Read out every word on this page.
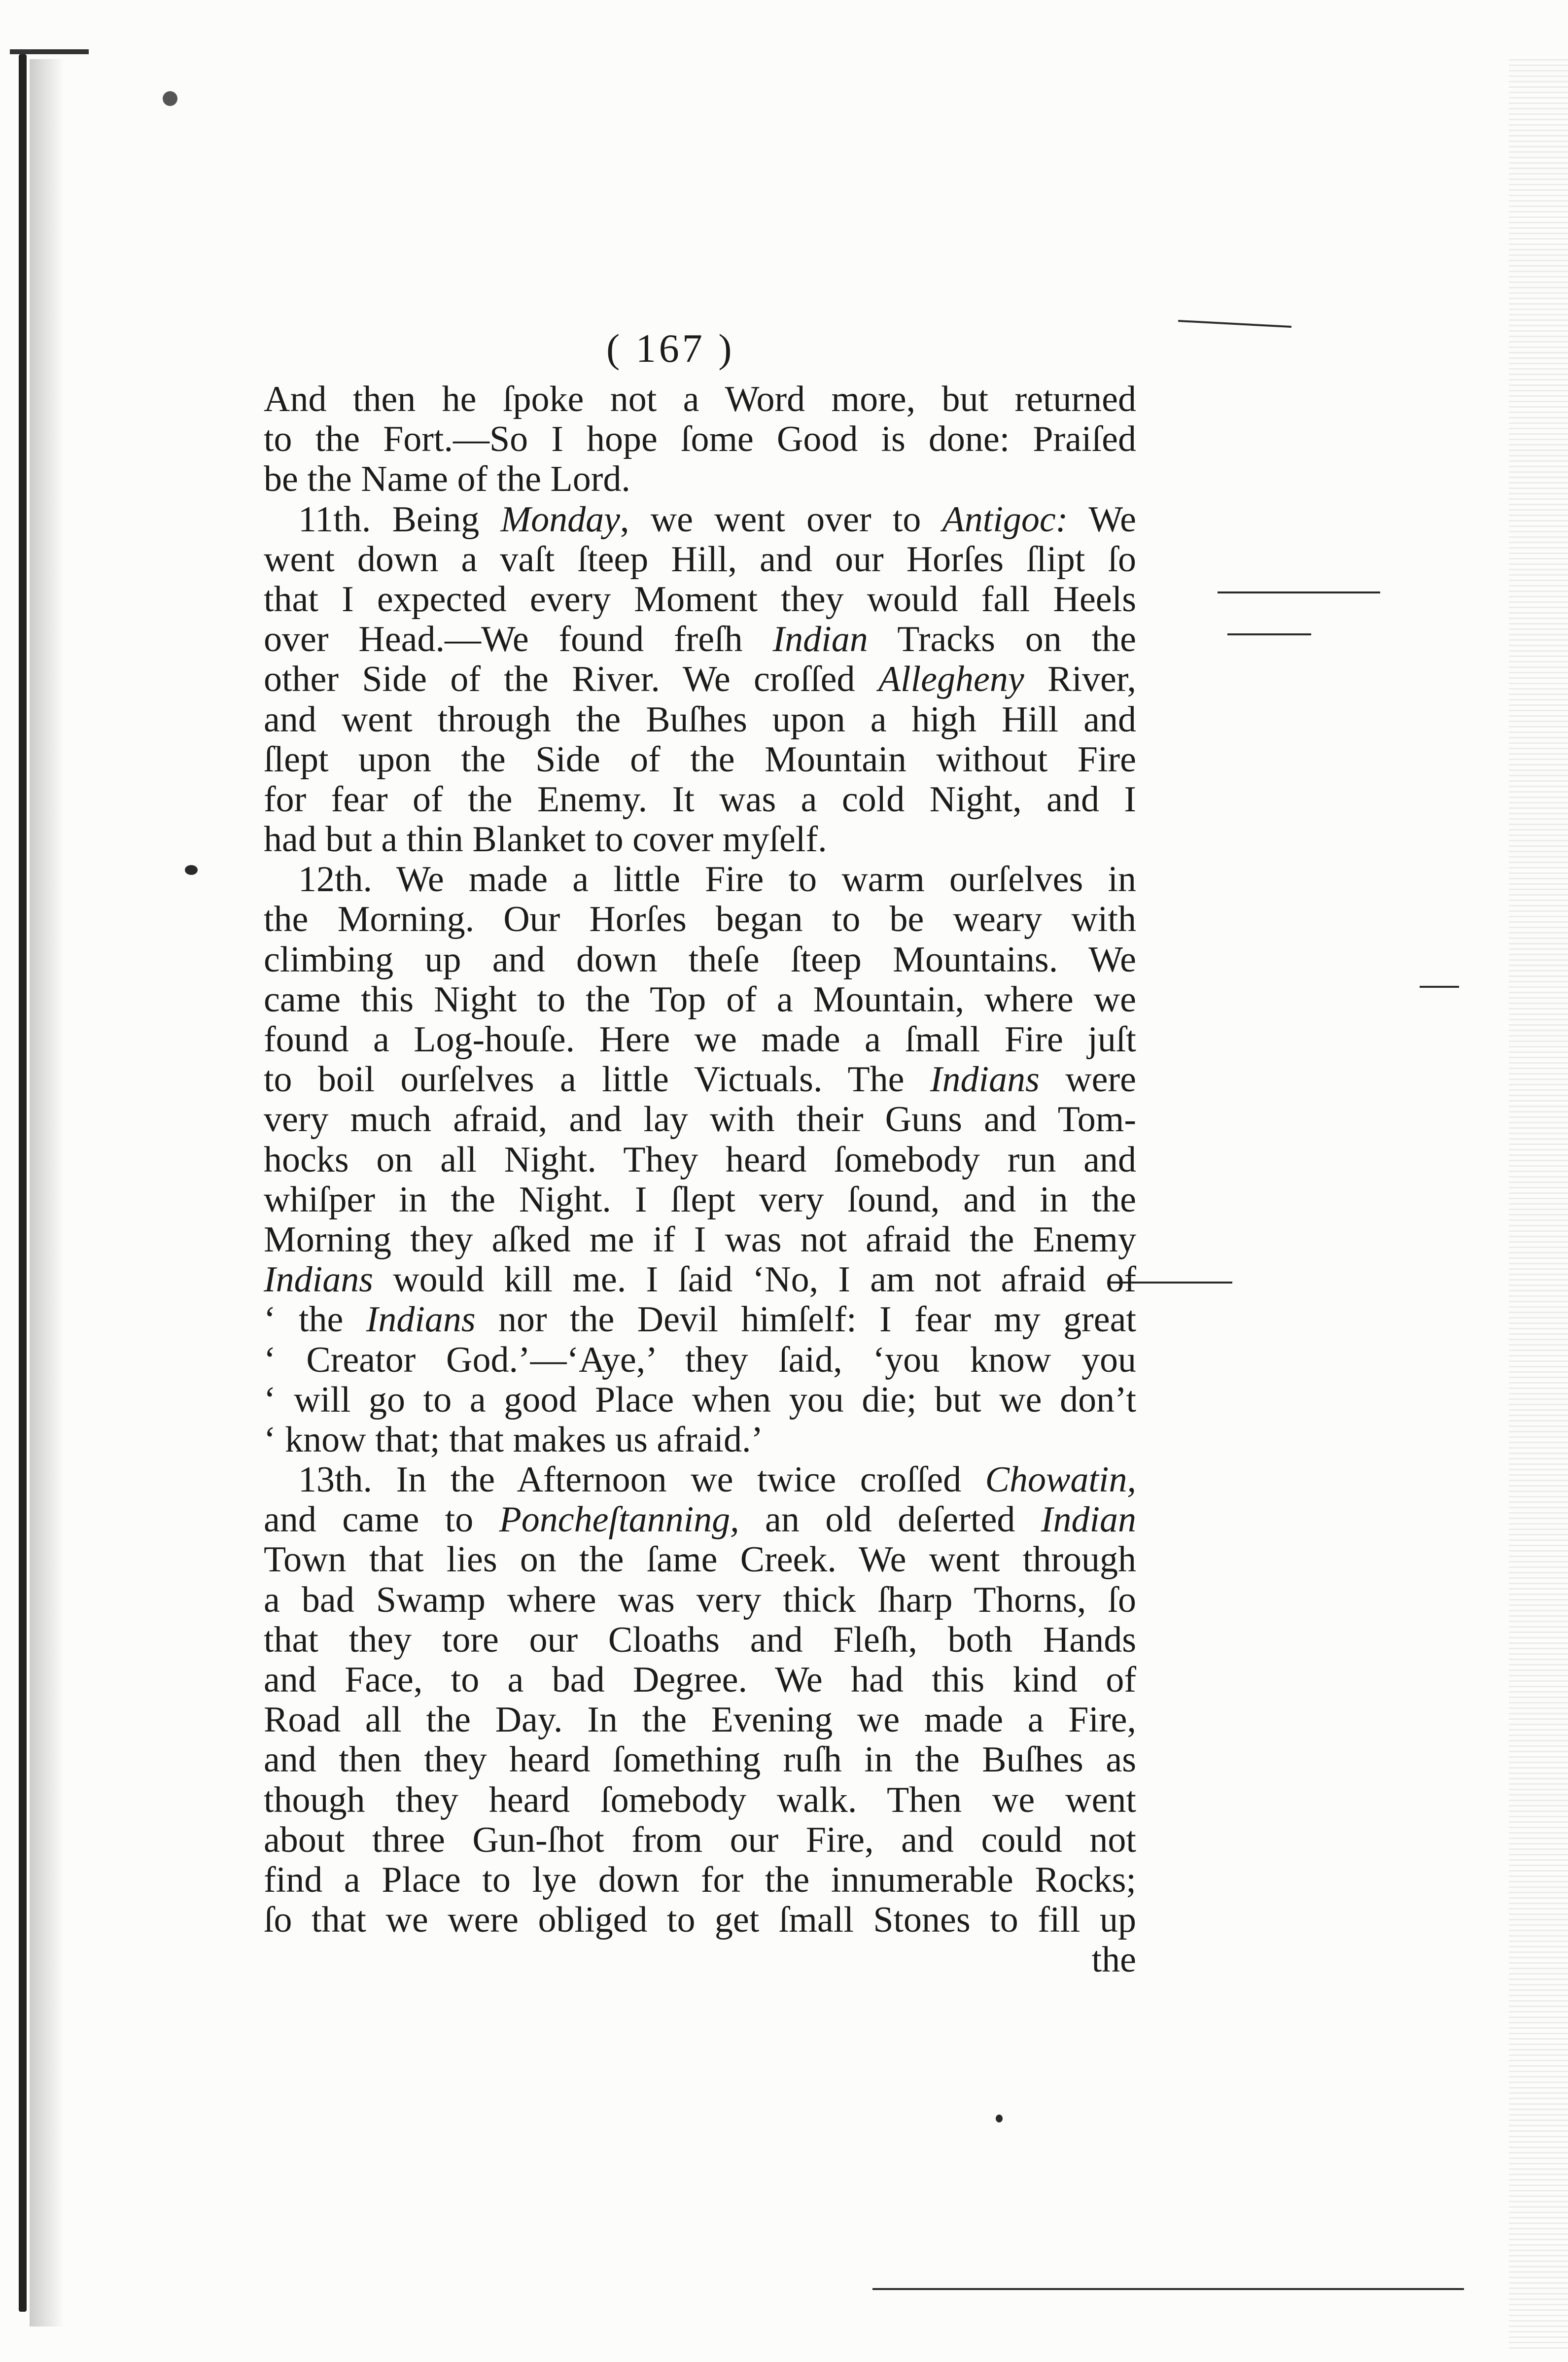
( 167 )
And then he ſpoke not a Word more, but returned
to the Fort.—So I hope ſome Good is done: Praiſed
be the Name of the Lord.
11th. Being Monday, we went over to Antigoc: We
went down a vaſt ſteep Hill, and our Horſes ſlipt ſo
that I expected every Moment they would fall Heels
over Head.—We found freſh Indian Tracks on the
other Side of the River. We croſſed Allegheny River,
and went through the Buſhes upon a high Hill and
ſlept upon the Side of the Mountain without Fire
for fear of the Enemy. It was a cold Night, and I
had but a thin Blanket to cover myſelf.
12th. We made a little Fire to warm ourſelves in
the Morning. Our Horſes began to be weary with
climbing up and down theſe ſteep Mountains. We
came this Night to the Top of a Mountain, where we
found a Log-houſe. Here we made a ſmall Fire juſt
to boil ourſelves a little Victuals. The Indians were
very much afraid, and lay with their Guns and Tom-
hocks on all Night. They heard ſomebody run and
whiſper in the Night. I ſlept very ſound, and in the
Morning they aſked me if I was not afraid the Enemy
Indians would kill me. I ſaid ‘No, I am not afraid of
‘ the Indians nor the Devil himſelf: I fear my great
‘ Creator God.’—‘Aye,’ they ſaid, ‘you know you
‘ will go to a good Place when you die; but we don’t
‘ know that; that makes us afraid.’
13th. In the Afternoon we twice croſſed Chowatin,
and came to Poncheſtanning, an old deſerted Indian
Town that lies on the ſame Creek. We went through
a bad Swamp where was very thick ſharp Thorns, ſo
that they tore our Cloaths and Fleſh, both Hands
and Face, to a bad Degree. We had this kind of
Road all the Day. In the Evening we made a Fire,
and then they heard ſomething ruſh in the Buſhes as
though they heard ſomebody walk. Then we went
about three Gun-ſhot from our Fire, and could not
find a Place to lye down for the innumerable Rocks;
ſo that we were obliged to get ſmall Stones to fill up
the
